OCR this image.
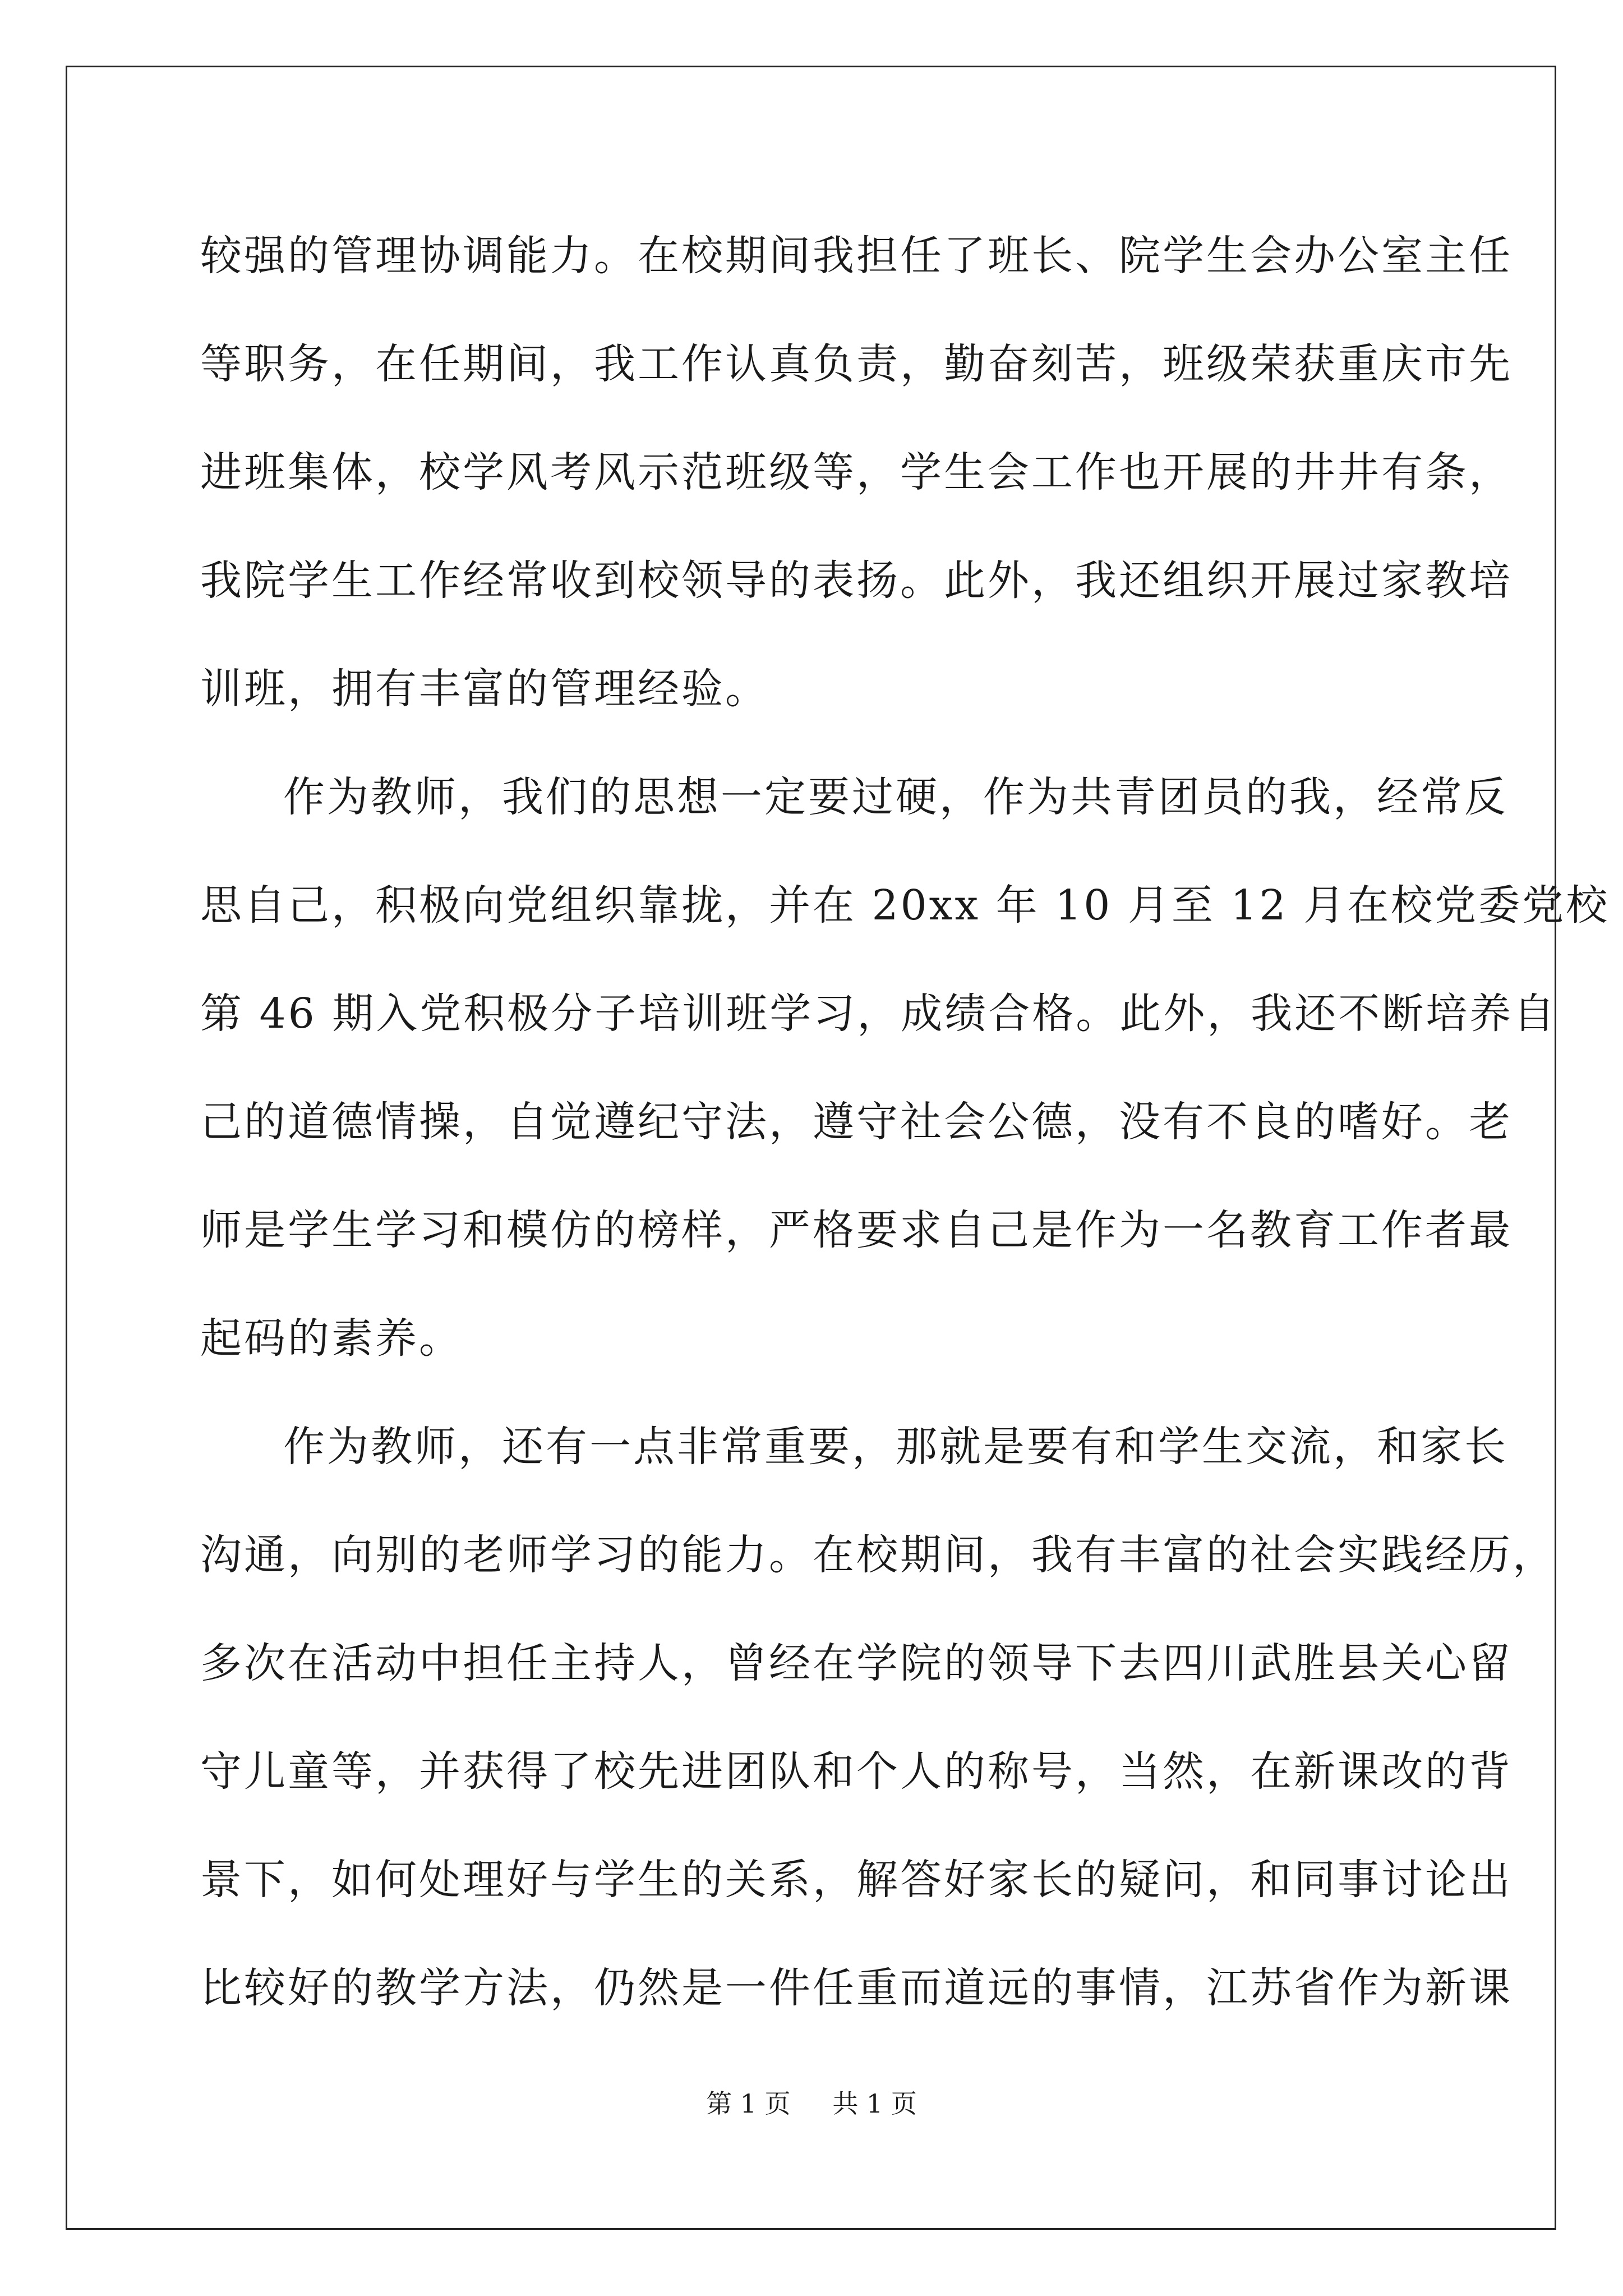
较强的管理协调能力。在校期间我担任了班长、院学生会办公室主任
等职务，在任期间，我工作认真负责，勤奋刻苦，班级荣获重庆市先
进班集体，校学风考风示范班级等，学生会工作也开展的井井有条，
我院学生工作经常收到校领导的表扬。此外，我还组织开展过家教培
训班，拥有丰富的管理经验。
作为教师，我们的思想一定要过硬，作为共青团员的我，经常反
思自己，积极向党组织靠拢，并在 20xx 年 10 月至 12 月在校党委党校
第 46 期入党积极分子培训班学习，成绩合格。此外，我还不断培养自
己的道德情操，自觉遵纪守法，遵守社会公德，没有不良的嗜好。老
师是学生学习和模仿的榜样，严格要求自己是作为一名教育工作者最
起码的素养。
作为教师，还有一点非常重要，那就是要有和学生交流，和家长
沟通，向别的老师学习的能力。在校期间，我有丰富的社会实践经历，
多次在活动中担任主持人，曾经在学院的领导下去四川武胜县关心留
守儿童等，并获得了校先进团队和个人的称号，当然，在新课改的背
景下，如何处理好与学生的关系，解答好家长的疑问，和同事讨论出
比较好的教学方法，仍然是一件任重而道远的事情，江苏省作为新课
第 1 页 共 1 页
